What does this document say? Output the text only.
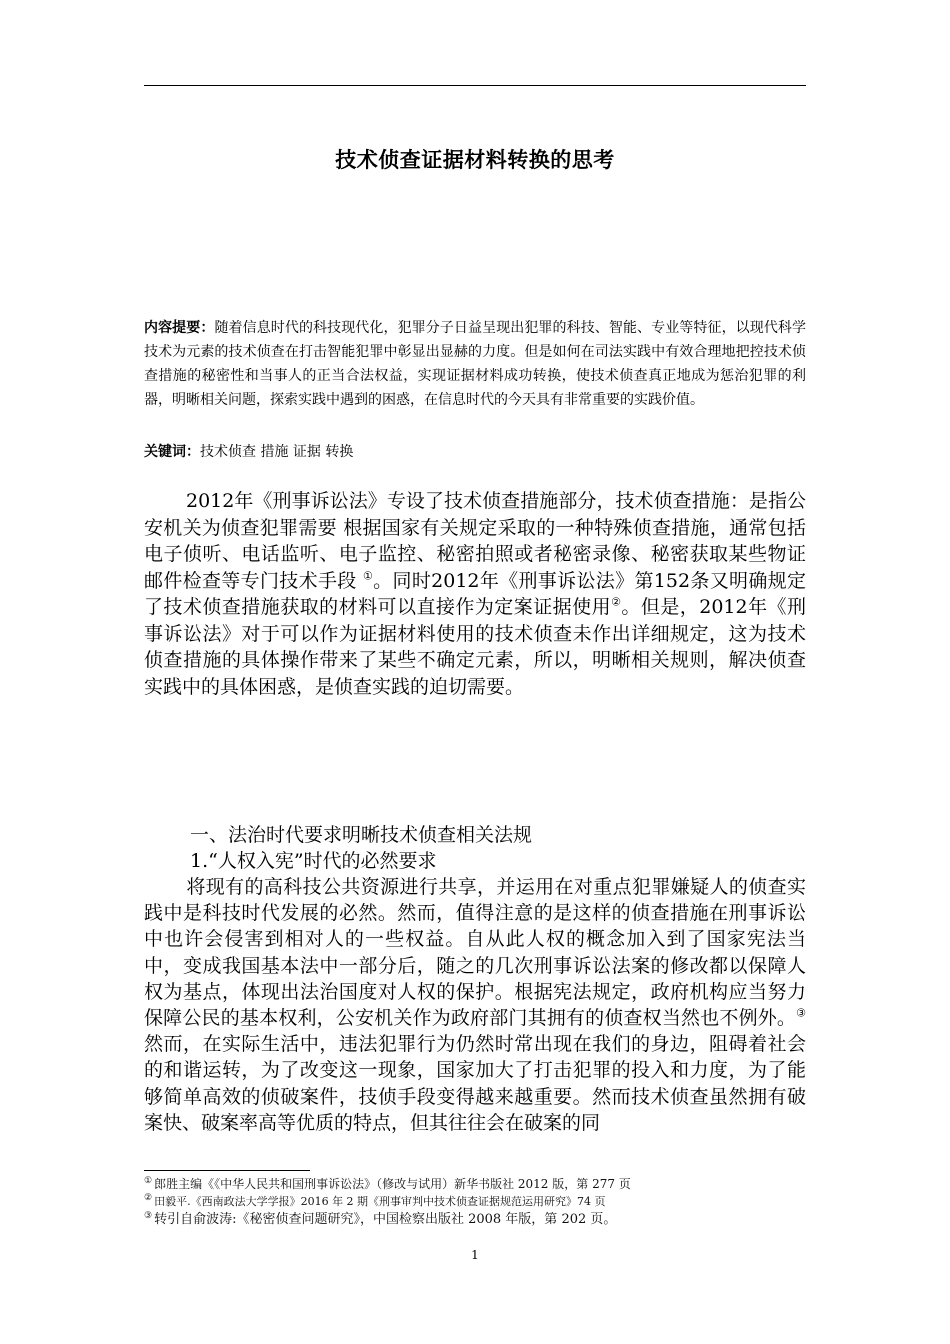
技术侦查证据材料转换的思考

内容提要：随着信息时代的科技现代化，犯罪分子日益呈现出犯罪的科技、智能、专业等特征，以现代科学技术为元素的技术侦查在打击智能犯罪中彰显出显赫的力度。但是如何在司法实践中有效合理地把控技术侦查措施的秘密性和当事人的正当合法权益，实现证据材料成功转换，使技术侦查真正地成为惩治犯罪的利器，明晰相关问题，探索实践中遇到的困惑，在信息时代的今天具有非常重要的实践价值。

关键词：技术侦查 措施 证据 转换

2012年《刑事诉讼法》专设了技术侦查措施部分，技术侦查措施：是指公安机关为侦查犯罪需要 根据国家有关规定采取的一种特殊侦查措施，通常包括电子侦听、电话监听、电子监控、秘密拍照或者秘密录像、秘密获取某些物证 邮件检查等专门技术手段 ①。同时2012年《刑事诉讼法》第152条又明确规定了技术侦查措施获取的材料可以直接作为定案证据使用②。但是，2012年《刑事诉讼法》对于可以作为证据材料使用的技术侦查未作出详细规定，这为技术侦查措施的具体操作带来了某些不确定元素，所以，明晰相关规则，解决侦查实践中的具体困惑，是侦查实践的迫切需要。

一、法治时代要求明晰技术侦查相关法规

1.“人权入宪”时代的必然要求

将现有的高科技公共资源进行共享，并运用在对重点犯罪嫌疑人的侦查实践中是科技时代发展的必然。然而，值得注意的是这样的侦查措施在刑事诉讼中也许会侵害到相对人的一些权益。自从此人权的概念加入到了国家宪法当中，变成我国基本法中一部分后，随之的几次刑事诉讼法案的修改都以保障人权为基点，体现出法治国度对人权的保护。根据宪法规定，政府机构应当努力保障公民的基本权利，公安机关作为政府部门其拥有的侦查权当然也不例外。③然而，在实际生活中，违法犯罪行为仍然时常出现在我们的身边，阻碍着社会的和谐运转，为了改变这一现象，国家加大了打击犯罪的投入和力度，为了能够简单高效的侦破案件，技侦手段变得越来越重要。然而技术侦查虽然拥有破案快、破案率高等优质的特点，但其往往会在破案的同

① 郎胜主编《《中华人民共和国刑事诉讼法》（修改与试用）新华书版社 2012 版，第 277 页
② 田毅平.《西南政法大学学报》2016 年 2 期《刑事审判中技术侦查证据规范运用研究》74 页
③ 转引自俞波涛:《秘密侦查问题研究》，中国检察出版社 2008 年版，第 202 页。
1
